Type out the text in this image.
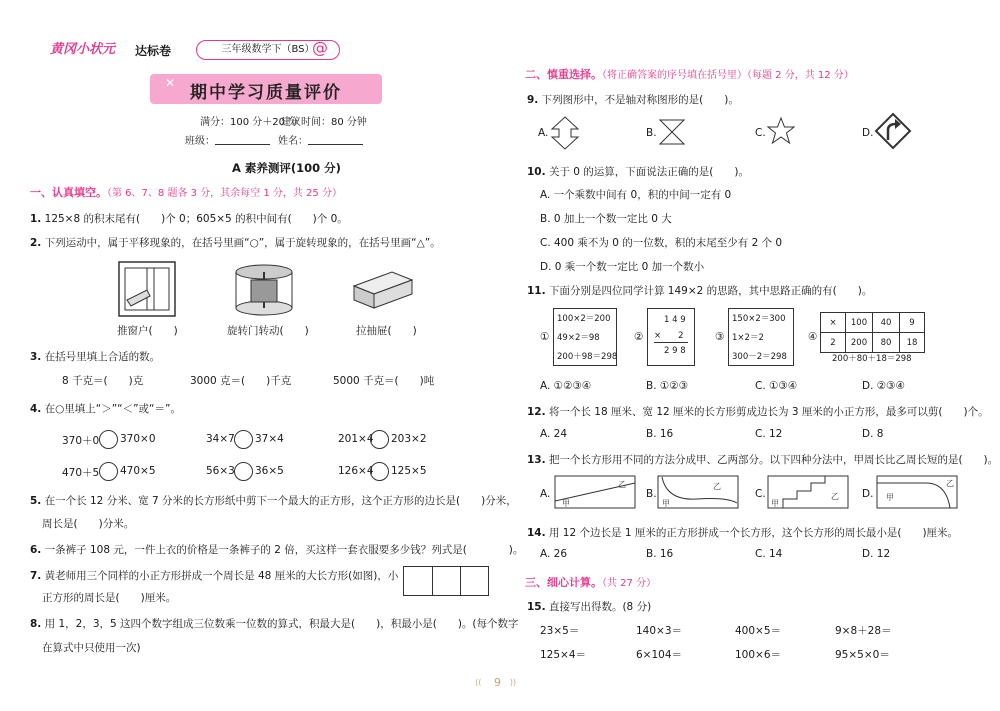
黄冈小状元 达标卷	三年级数学下（BS）
@
期中学习质量评价
✕
满分：100 分＋20 分
建议时间：80 分钟
班级：	姓名：
A 素养测评(100 分)
一、认真填空。（第 6、7、8 题各 3 分，其余每空 1 分，共 25 分）
1. 125×8 的积末尾有(　　)个 0；605×5 的积中间有(　　)个 0。
2. 下列运动中，属于平移现象的，在括号里画“○”，属于旋转现象的，在括号里画“△”。
推窗户(　　)	旋转门转动(　　)	拉抽屉(　　)
3. 在括号里填上合适的数。
8 千克＝(　　)克	3000 克＝(　　)千克	5000 千克＝(　　)吨
4. 在○里填上“＞”“＜”或“＝”。
370＋0 370×0	34×7 37×4	201×4 203×2
470＋5 470×5	56×3 36×5	126×4 125×5
5. 在一个长 12 分米、宽 7 分米的长方形纸中剪下一个最大的正方形，这个正方形的边长是(　　)分米，
周长是(　　)分米。
6. 一条裤子 108 元，一件上衣的价格是一条裤子的 2 倍，买这样一套衣服要多少钱？列式是(　　　　)。
7. 黄老师用三个同样的小正方形拼成一个周长是 48 厘米的大长方形(如图)，小
正方形的周长是(　　)厘米。
8. 用 1，2，3，5 这四个数字组成三位数乘一位数的算式，积最大是(　　)，积最小是(　　)。(每个数字
在算式中只使用一次)
二、慎重选择。（将正确答案的序号填在括号里）（每题 2 分，共 12 分）
9. 下列图形中，不是轴对称图形的是(　　)。
A.	B.	C.	D.
10. 关于 0 的运算，下面说法正确的是(　　)。
A. 一个乘数中间有 0，积的中间一定有 0
B. 0 加上一个数一定比 0 大
C. 400 乘不为 0 的一位数，积的末尾至少有 2 个 0
D. 0 乘一个数一定比 0 加一个数小
11. 下面分别是四位同学计算 149×2 的思路，其中思路正确的有(　　)。
①
100×2＝200
49×2＝98
200＋98＝298
②
1 4 9
×　　2
2 9 8
③
150×2＝300
1×2＝2
300－2＝298
④
×	100	40	9
2	200	80	18
200＋80＋18＝298
A. ①②③④	B. ①②③	C. ①③④	D. ②③④
12. 将一个长 18 厘米、宽 12 厘米的长方形剪成边长为 3 厘米的小正方形，最多可以剪(　　)个。
A. 24	B. 16	C. 12	D. 8
13. 把一个长方形用不同的方法分成甲、乙两部分。以下四种分法中，甲周长比乙周长短的是(　　)。
A.
甲
乙
B.
甲
乙
C.
甲
乙 D. 甲
乙
14. 用 12 个边长是 1 厘米的正方形拼成一个长方形，这个长方形的周长最小是(　　)厘米。
A. 26	B. 16	C. 14	D. 12
三、细心计算。（共 27 分）
15. 直接写出得数。(8 分)
23×5＝	140×3＝	400×5＝	9×8＋28＝
125×4＝	6×104＝	100×6＝	95×5×0＝
⟨⟨ 9 ⟩⟩
